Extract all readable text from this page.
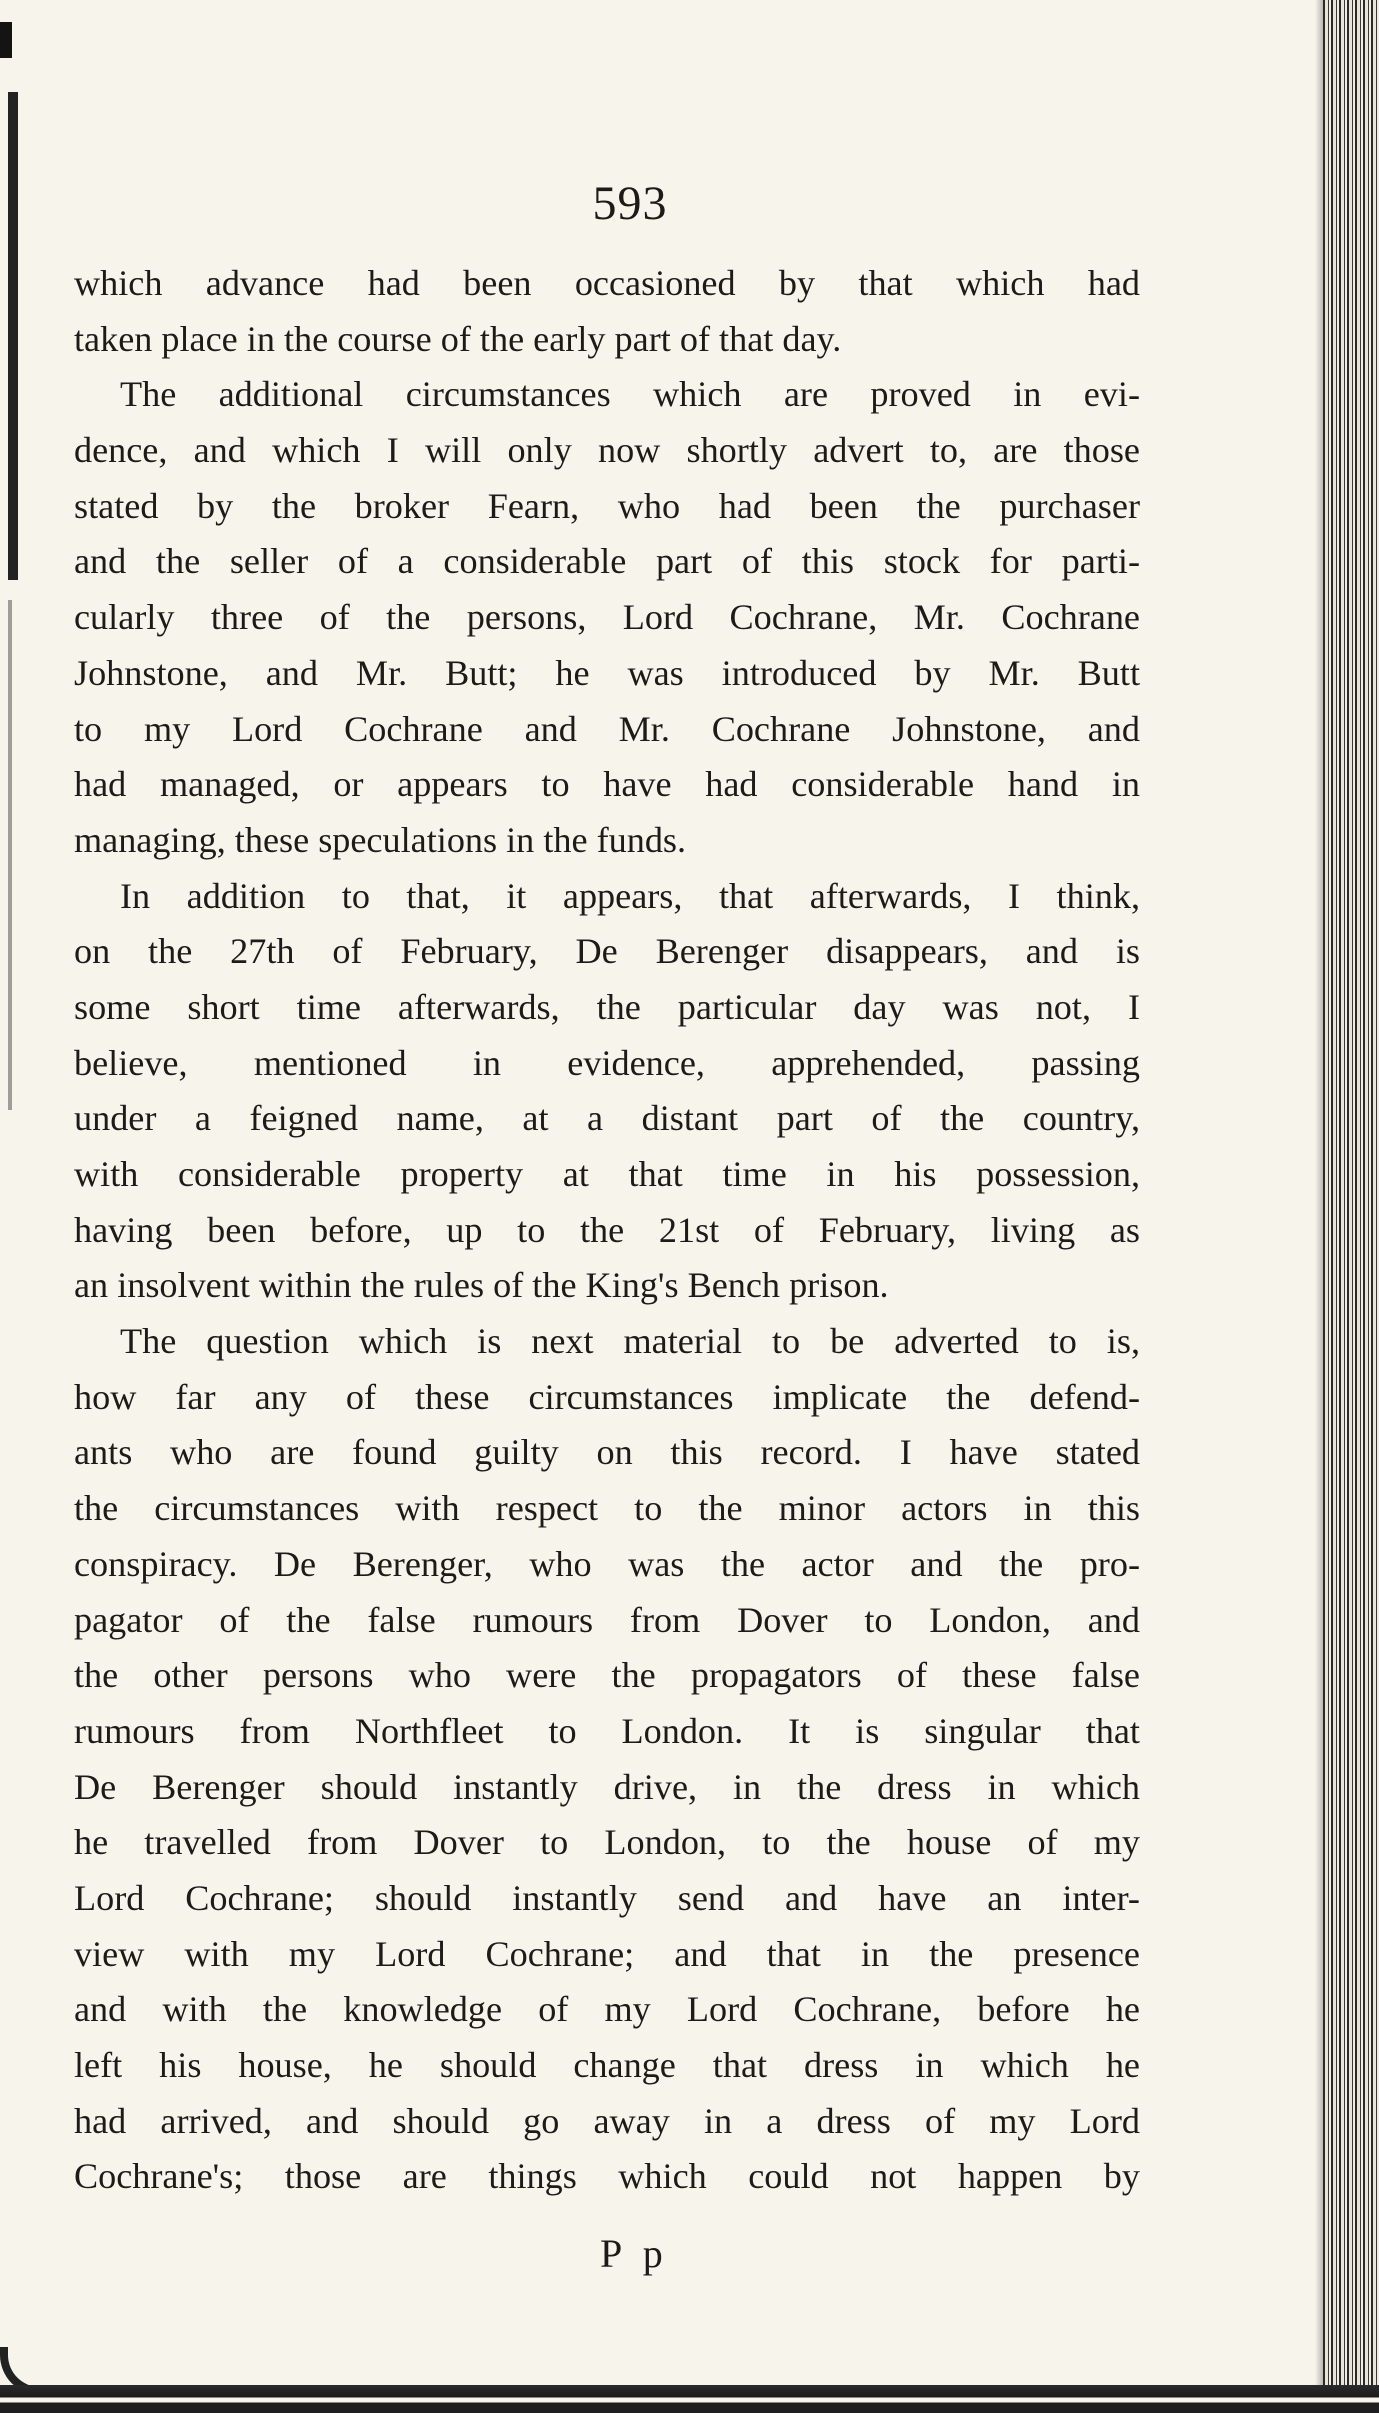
593
which advance had been occasioned by that which had
taken place in the course of the early part of that day.
The additional circumstances which are proved in evi-
dence, and which I will only now shortly advert to, are those
stated by the broker Fearn, who had been the purchaser
and the seller of a considerable part of this stock for parti-
cularly three of the persons, Lord Cochrane, Mr. Cochrane
Johnstone, and Mr. Butt; he was introduced by Mr. Butt
to my Lord Cochrane and Mr. Cochrane Johnstone, and
had managed, or appears to have had considerable hand in
managing, these speculations in the funds.
In addition to that, it appears, that afterwards, I think,
on the 27th of February, De Berenger disappears, and is
some short time afterwards, the particular day was not, I
believe, mentioned in evidence, apprehended, passing
under a feigned name, at a distant part of the country,
with considerable property at that time in his possession,
having been before, up to the 21st of February, living as
an insolvent within the rules of the King's Bench prison.
The question which is next material to be adverted to is,
how far any of these circumstances implicate the defend-
ants who are found guilty on this record. I have stated
the circumstances with respect to the minor actors in this
conspiracy. De Berenger, who was the actor and the pro-
pagator of the false rumours from Dover to London, and
the other persons who were the propagators of these false
rumours from Northfleet to London. It is singular that
De Berenger should instantly drive, in the dress in which
he travelled from Dover to London, to the house of my
Lord Cochrane; should instantly send and have an inter-
view with my Lord Cochrane; and that in the presence
and with the knowledge of my Lord Cochrane, before he
left his house, he should change that dress in which he
had arrived, and should go away in a dress of my Lord
Cochrane's; those are things which could not happen by
P p
